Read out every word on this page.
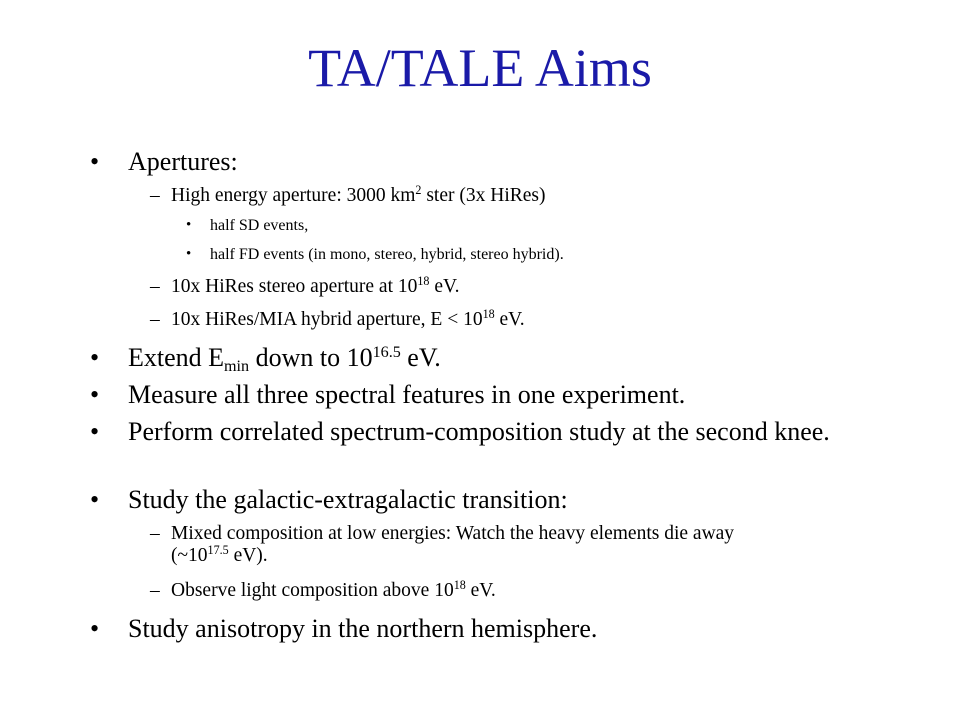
TA/TALE Aims
• Apertures:
– High energy aperture: 3000 $km^2$ ster (3x HiRes)
• half SD events,
• half FD events (in mono, stereo, hybrid, stereo hybrid).
– 10x HiRes stereo aperture at $10^{18}$ eV.
– 10x HiRes/MIA hybrid aperture, $E < 10^{18}$ eV.
• Extend $E_{min}$ down to $10^{16.5}$ eV.
• Measure all three spectral features in one experiment.
• Perform correlated spectrum-composition study at the second knee.
• Study the galactic-extragalactic transition:
– Mixed composition at low energies: Watch the heavy elements die away ($\sim 10^{17.5}$ eV).
– Observe light composition above $10^{18}$ eV.
• Study anisotropy in the northern hemisphere.
